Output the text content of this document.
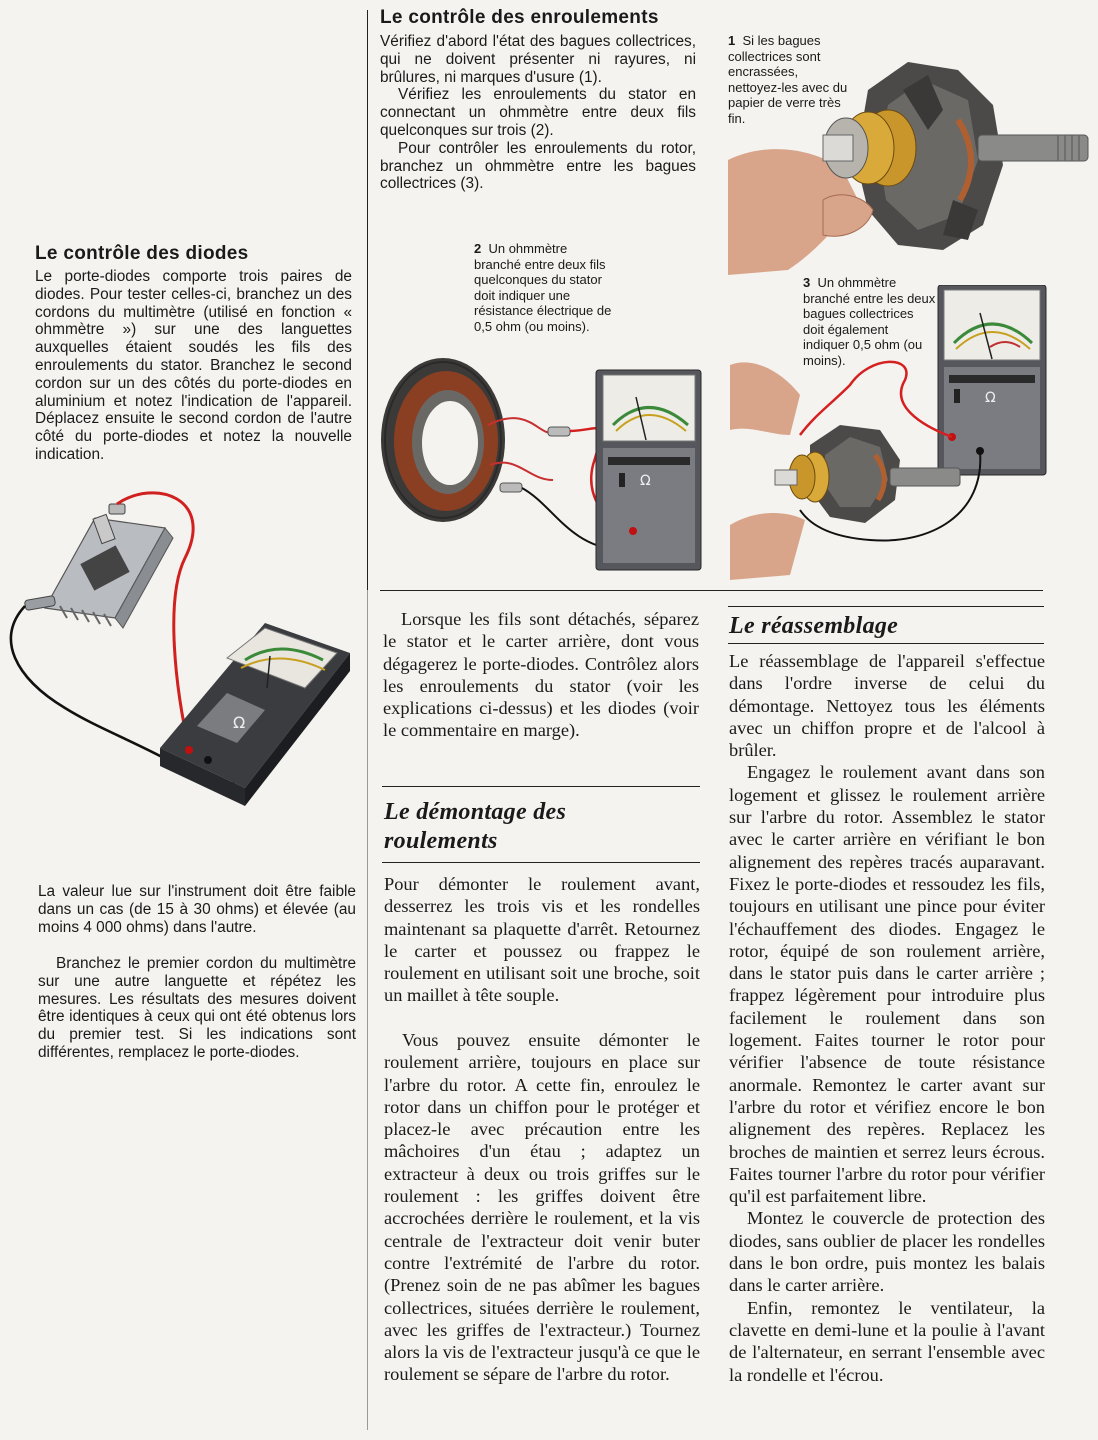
Le contrôle des diodes

Le porte-diodes comporte trois paires de diodes. Pour tester celles-ci, branchez un des cordons du multimètre (utilisé en fonction « ohmmètre ») sur une des languettes auxquelles étaient soudés les fils des enroulements du stator. Branchez le second cordon sur un des côtés du porte-diodes en aluminium et notez l'indication de l'appareil. Déplacez ensuite le second cordon de l'autre côté du porte-diodes et notez la nouvelle indication.

Ω

La valeur lue sur l'instrument doit être faible dans un cas (de 15 à 30 ohms) et élevée (au moins 4 000 ohms) dans l'autre.

Branchez le premier cordon du multimètre sur une autre languette et répétez les mesures. Les résultats des mesures doivent être identiques à ceux qui ont été obtenus lors du premier test. Si les indications sont différentes, remplacez le porte-diodes.

Le contrôle des enroulements

Vérifiez d'abord l'état des bagues collectrices, qui ne doivent présenter ni rayures, ni brûlures, ni marques d'usure (1).

Vérifiez les enroulements du stator en connectant un ohmmètre entre deux fils quelconques sur trois (2).

Pour contrôler les enroulements du rotor, branchez un ohmmètre entre les bagues collectrices (3).

1 Si les bagues collectrices sont encrassées, nettoyez-les avec du papier de verre très fin.

2 Un ohmmètre branché entre deux fils quelconques du stator doit indiquer une résistance électrique de 0,5 ohm (ou moins).

Ω

3 Un ohmmètre branché entre les deux bagues collectrices doit également indiquer 0,5 ohm (ou moins).

Ω

Lorsque les fils sont détachés, séparez le stator et le carter arrière, dont vous dégagerez le porte-diodes. Contrôlez alors les enroulements du stator (voir les explications ci-dessus) et les diodes (voir le commentaire en marge).

Le démontage des roulements

Pour démonter le roulement avant, desserrez les trois vis et les rondelles maintenant sa plaquette d'arrêt. Retournez le carter et poussez ou frappez le roulement en utilisant soit une broche, soit un maillet à tête souple.

Vous pouvez ensuite démonter le roulement arrière, toujours en place sur l'arbre du rotor. A cette fin, enroulez le rotor dans un chiffon pour le protéger et placez-le avec précaution entre les mâchoires d'un étau ; adaptez un extracteur à deux ou trois griffes sur le roulement : les griffes doivent être accrochées derrière le roulement, et la vis centrale de l'extracteur doit venir buter contre l'extrémité de l'arbre du rotor. (Prenez soin de ne pas abîmer les bagues collectrices, situées derrière le roulement, avec les griffes de l'extracteur.) Tournez alors la vis de l'extracteur jusqu'à ce que le roulement se sépare de l'arbre du rotor.

Le réassemblage

Le réassemblage de l'appareil s'effectue dans l'ordre inverse de celui du démontage. Nettoyez tous les éléments avec un chiffon propre et de l'alcool à brûler.

Engagez le roulement avant dans son logement et glissez le roulement arrière sur l'arbre du rotor. Assemblez le stator avec le carter arrière en vérifiant le bon alignement des repères tracés auparavant. Fixez le porte-diodes et ressoudez les fils, toujours en utilisant une pince pour éviter l'échauffement des diodes. Engagez le rotor, équipé de son roulement arrière, dans le stator puis dans le carter arrière ; frappez légèrement pour introduire plus facilement le roulement dans son logement. Faites tourner le rotor pour vérifier l'absence de toute résistance anormale. Remontez le carter avant sur l'arbre du rotor et vérifiez encore le bon alignement des repères. Replacez les broches de maintien et serrez leurs écrous. Faites tourner l'arbre du rotor pour vérifier qu'il est parfaitement libre.

Montez le couvercle de protection des diodes, sans oublier de placer les rondelles dans le bon ordre, puis montez les balais dans le carter arrière.

Enfin, remontez le ventilateur, la clavette en demi-lune et la poulie à l'avant de l'alternateur, en serrant l'ensemble avec la rondelle et l'écrou.
